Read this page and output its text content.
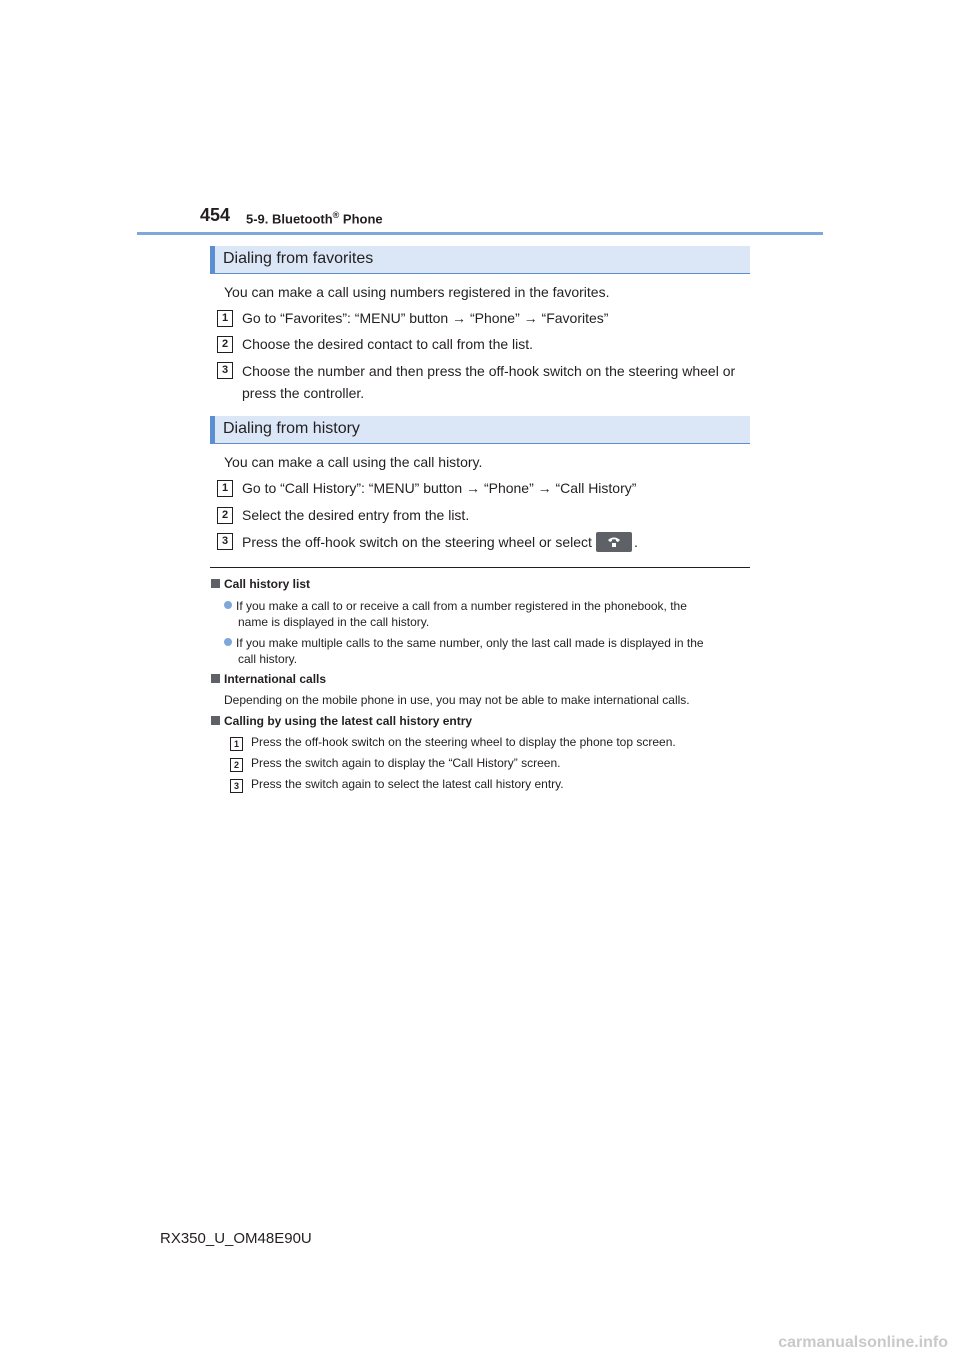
454 5-9. Bluetooth® Phone
Dialing from favorites
You can make a call using numbers registered in the favorites.
1 Go to “Favorites”: “MENU” button → “Phone” → “Favorites”
2 Choose the desired contact to call from the list.
3 Choose the number and then press the off-hook switch on the steering wheel or press the controller.
Dialing from history
You can make a call using the call history.
1 Go to “Call History”: “MENU” button → “Phone” → “Call History”
2 Select the desired entry from the list.
3 Press the off-hook switch on the steering wheel or select	.
Call history list
If you make a call to or receive a call from a number registered in the phonebook, the
name is displayed in the call history.
If you make multiple calls to the same number, only the last call made is displayed in the
call history.
International calls
Depending on the mobile phone in use, you may not be able to make international calls.
Calling by using the latest call history entry
1	Press the off-hook switch on the steering wheel to display the phone top screen.
2	Press the switch again to display the “Call History” screen.
3	Press the switch again to select the latest call history entry.
RX350_U_OM48E90U
carmanualsonline.info
